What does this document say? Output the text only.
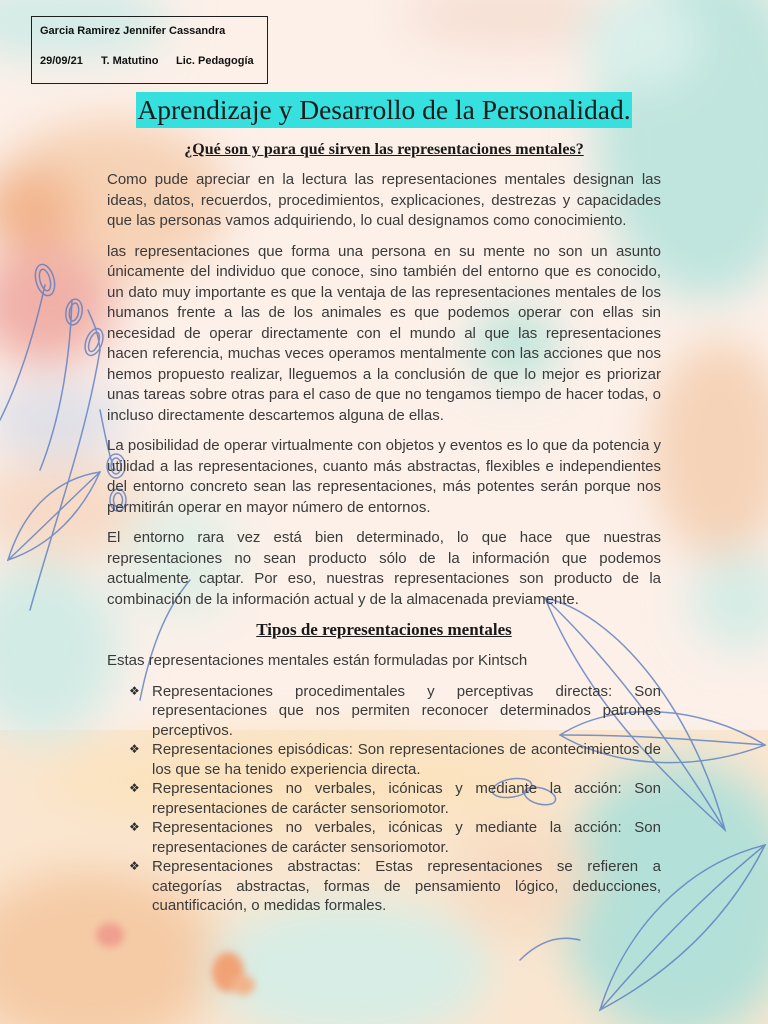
Garcia Ramirez Jennifer Cassandra
29/09/21 T. Matutino Lic. Pedagogía
Aprendizaje y Desarrollo de la Personalidad.
¿Qué son y para qué sirven las representaciones mentales?

Como pude apreciar en la lectura las representaciones mentales designan las ideas, datos, recuerdos, procedimientos, explicaciones, destrezas y capacidades que las personas vamos adquiriendo, lo cual designamos como conocimiento.

las representaciones que forma una persona en su mente no son un asunto únicamente del individuo que conoce, sino también del entorno que es conocido, un dato muy importante es que la ventaja de las representaciones mentales de los humanos frente a las de los animales es que podemos operar con ellas sin necesidad de operar directamente con el mundo al que las representaciones hacen referencia, muchas veces operamos mentalmente con las acciones que nos hemos propuesto realizar, lleguemos a la conclusión de que lo mejor es priorizar unas tareas sobre otras para el caso de que no tengamos tiempo de hacer todas, o incluso directamente descartemos alguna de ellas.

La posibilidad de operar virtualmente con objetos y eventos es lo que da potencia y utilidad a las representaciones, cuanto más abstractas, flexibles e independientes del entorno concreto sean las representaciones, más potentes serán porque nos permitirán operar en mayor número de entornos.

El entorno rara vez está bien determinado, lo que hace que nuestras representaciones no sean producto sólo de la información que podemos actualmente captar. Por eso, nuestras representaciones son producto de la combinación de la información actual y de la almacenada previamente.

Tipos de representaciones mentales

Estas representaciones mentales están formuladas por Kintsch

❖ Representaciones procedimentales y perceptivas directas: Son representaciones que nos permiten reconocer determinados patrones perceptivos.
❖ Representaciones episódicas: Son representaciones de acontecimientos de los que se ha tenido experiencia directa.
❖ Representaciones no verbales, icónicas y mediante la acción: Son representaciones de carácter sensoriomotor.
❖ Representaciones no verbales, icónicas y mediante la acción: Son representaciones de carácter sensoriomotor.
❖ Representaciones abstractas: Estas representaciones se refieren a categorías abstractas, formas de pensamiento lógico, deducciones, cuantificación, o medidas formales.
